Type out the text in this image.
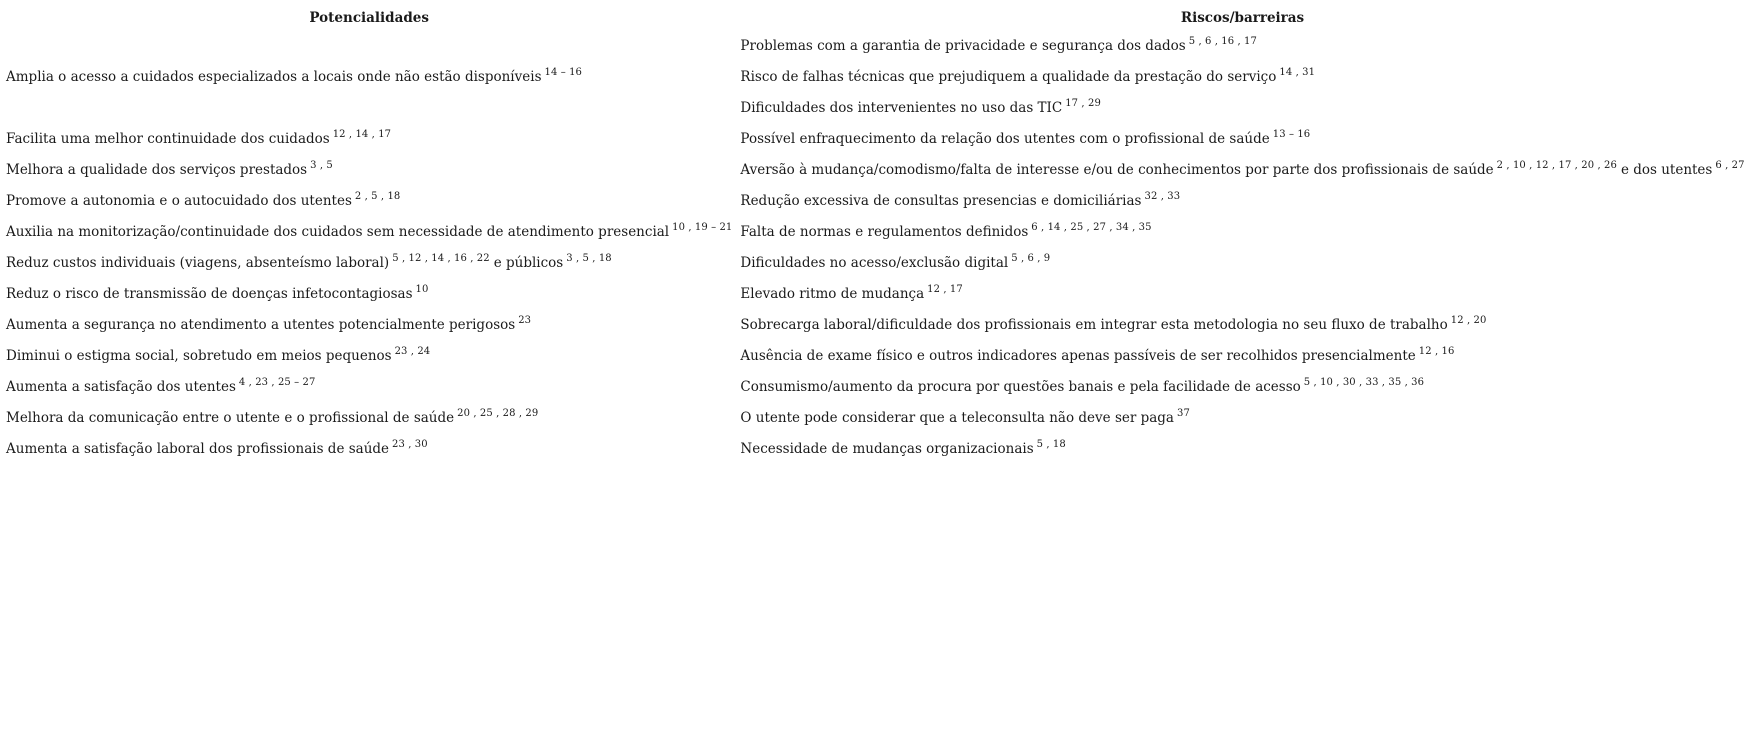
Potencialidades	Riscos/barreiras
	Problemas com a garantia de privacidade e segurança dos dados $^{5 , 6 , 16 , 17}$
Amplia o acesso a cuidados especializados a locais onde não estão disponíveis $^{14 - 16}$	Risco de falhas técnicas que prejudiquem a qualidade da prestação do serviço $^{14 , 31}$
	Dificuldades dos intervenientes no uso das TIC $^{17 , 29}$
Facilita uma melhor continuidade dos cuidados $^{12 , 14 , 17}$	Possível enfraquecimento da relação dos utentes com o profissional de saúde $^{13 - 16}$
Melhora a qualidade dos serviços prestados $^{3 , 5}$	Aversão à mudança/comodismo/falta de interesse e/ou de conhecimentos por parte dos profissionais de saúde $^{2 , 10 , 12 , 17 , 20 , 26}$ e dos utentes $^{6 , 27}$
Promove a autonomia e o autocuidado dos utentes $^{2 , 5 , 18}$	Redução excessiva de consultas presencias e domiciliárias $^{32 , 33}$
Auxilia na monitorização/continuidade dos cuidados sem necessidade de atendimento presencial $^{10 , 19 - 21}$	Falta de normas e regulamentos definidos $^{6 , 14 , 25 , 27 , 34 , 35}$
Reduz custos individuais (viagens, absenteísmo laboral) $^{5 , 12 , 14 , 16 , 22}$ e públicos $^{3 , 5 , 18}$	Dificuldades no acesso/exclusão digital $^{5 , 6 , 9}$
Reduz o risco de transmissão de doenças infetocontagiosas $^{10}$	Elevado ritmo de mudança $^{12 , 17}$
Aumenta a segurança no atendimento a utentes potencialmente perigosos $^{23}$	Sobrecarga laboral/dificuldade dos profissionais em integrar esta metodologia no seu fluxo de trabalho $^{12 , 20}$
Diminui o estigma social, sobretudo em meios pequenos $^{23 , 24}$	Ausência de exame físico e outros indicadores apenas passíveis de ser recolhidos presencialmente $^{12 , 16}$
Aumenta a satisfação dos utentes $^{4 , 23 , 25 - 27}$	Consumismo/aumento da procura por questões banais e pela facilidade de acesso $^{5 , 10 , 30 , 33 , 35 , 36}$
Melhora da comunicação entre o utente e o profissional de saúde $^{20 , 25 , 28 , 29}$	O utente pode considerar que a teleconsulta não deve ser paga $^{37}$
Aumenta a satisfação laboral dos profissionais de saúde $^{23 , 30}$	Necessidade de mudanças organizacionais $^{5 , 18}$
